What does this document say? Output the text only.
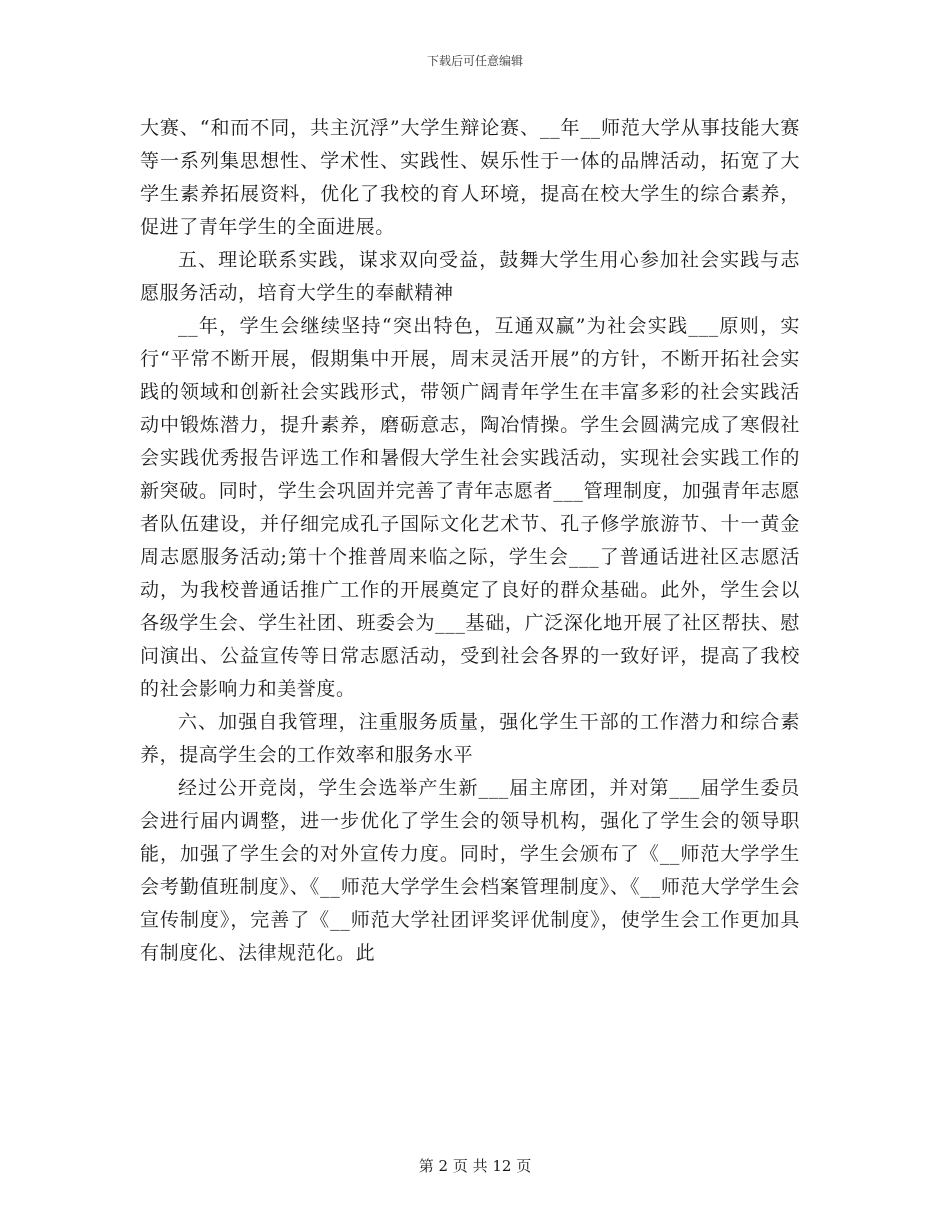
下载后可任意编辑

大赛、“和而不同，共主沉浮”大学生辩论赛、__年__师范大学从事技能大赛等一系列集思想性、学术性、实践性、娱乐性于一体的品牌活动，拓宽了大学生素养拓展资料，优化了我校的育人环境，提高在校大学生的综合素养，促进了青年学生的全面进展。

五、理论联系实践，谋求双向受益，鼓舞大学生用心参加社会实践与志愿服务活动，培育大学生的奉献精神

__年，学生会继续坚持“突出特色，互通双赢”为社会实践___原则，实行“平常不断开展，假期集中开展，周末灵活开展”的方针，不断开拓社会实践的领域和创新社会实践形式，带领广阔青年学生在丰富多彩的社会实践活动中锻炼潜力，提升素养，磨砺意志，陶冶情操。学生会圆满完成了寒假社会实践优秀报告评选工作和暑假大学生社会实践活动，实现社会实践工作的新突破。同时，学生会巩固并完善了青年志愿者___管理制度，加强青年志愿者队伍建设，并仔细完成孔子国际文化艺术节、孔子修学旅游节、十一黄金周志愿服务活动;第十个推普周来临之际，学生会___了普通话进社区志愿活动，为我校普通话推广工作的开展奠定了良好的群众基础。此外，学生会以各级学生会、学生社团、班委会为___基础，广泛深化地开展了社区帮扶、慰问演出、公益宣传等日常志愿活动，受到社会各界的一致好评，提高了我校的社会影响力和美誉度。

六、加强自我管理，注重服务质量，强化学生干部的工作潜力和综合素养，提高学生会的工作效率和服务水平

经过公开竞岗，学生会选举产生新___届主席团，并对第___届学生委员会进行届内调整，进一步优化了学生会的领导机构，强化了学生会的领导职能，加强了学生会的对外宣传力度。同时，学生会颁布了《__师范大学学生会考勤值班制度》、《__师范大学学生会档案管理制度》、《__师范大学学生会宣传制度》，完善了《__师范大学社团评奖评优制度》，使学生会工作更加具有制度化、法律规范化。此

第 2 页 共 12 页
